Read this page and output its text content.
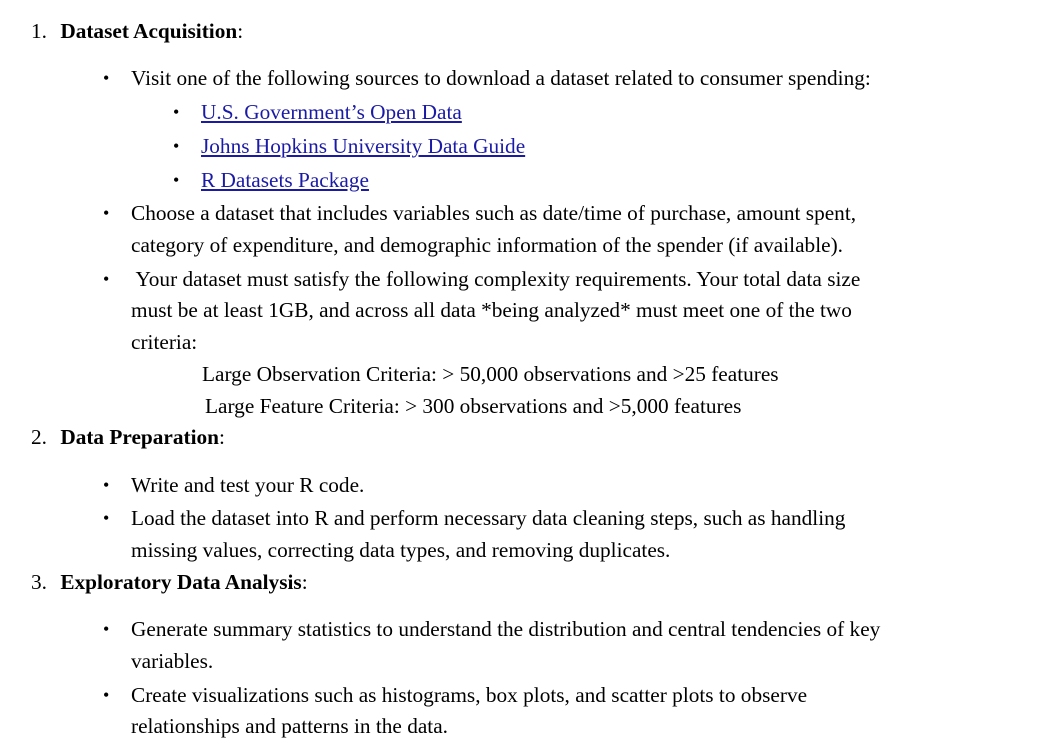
1. Dataset Acquisition:
• Visit one of the following sources to download a dataset related to consumer spending:
• U.S. Government’s Open Data
• Johns Hopkins University Data Guide
• R Datasets Package
• Choose a dataset that includes variables such as date/time of purchase, amount spent,
category of expenditure, and demographic information of the spender (if available).
• Your dataset must satisfy the following complexity requirements. Your total data size
must be at least 1GB, and across all data *being analyzed* must meet one of the two
criteria:
Large Observation Criteria: > 50,000 observations and >25 features
Large Feature Criteria: > 300 observations and >5,000 features
2. Data Preparation:
• Write and test your R code.
• Load the dataset into R and perform necessary data cleaning steps, such as handling
missing values, correcting data types, and removing duplicates.
3. Exploratory Data Analysis:
• Generate summary statistics to understand the distribution and central tendencies of key
variables.
• Create visualizations such as histograms, box plots, and scatter plots to observe
relationships and patterns in the data.
